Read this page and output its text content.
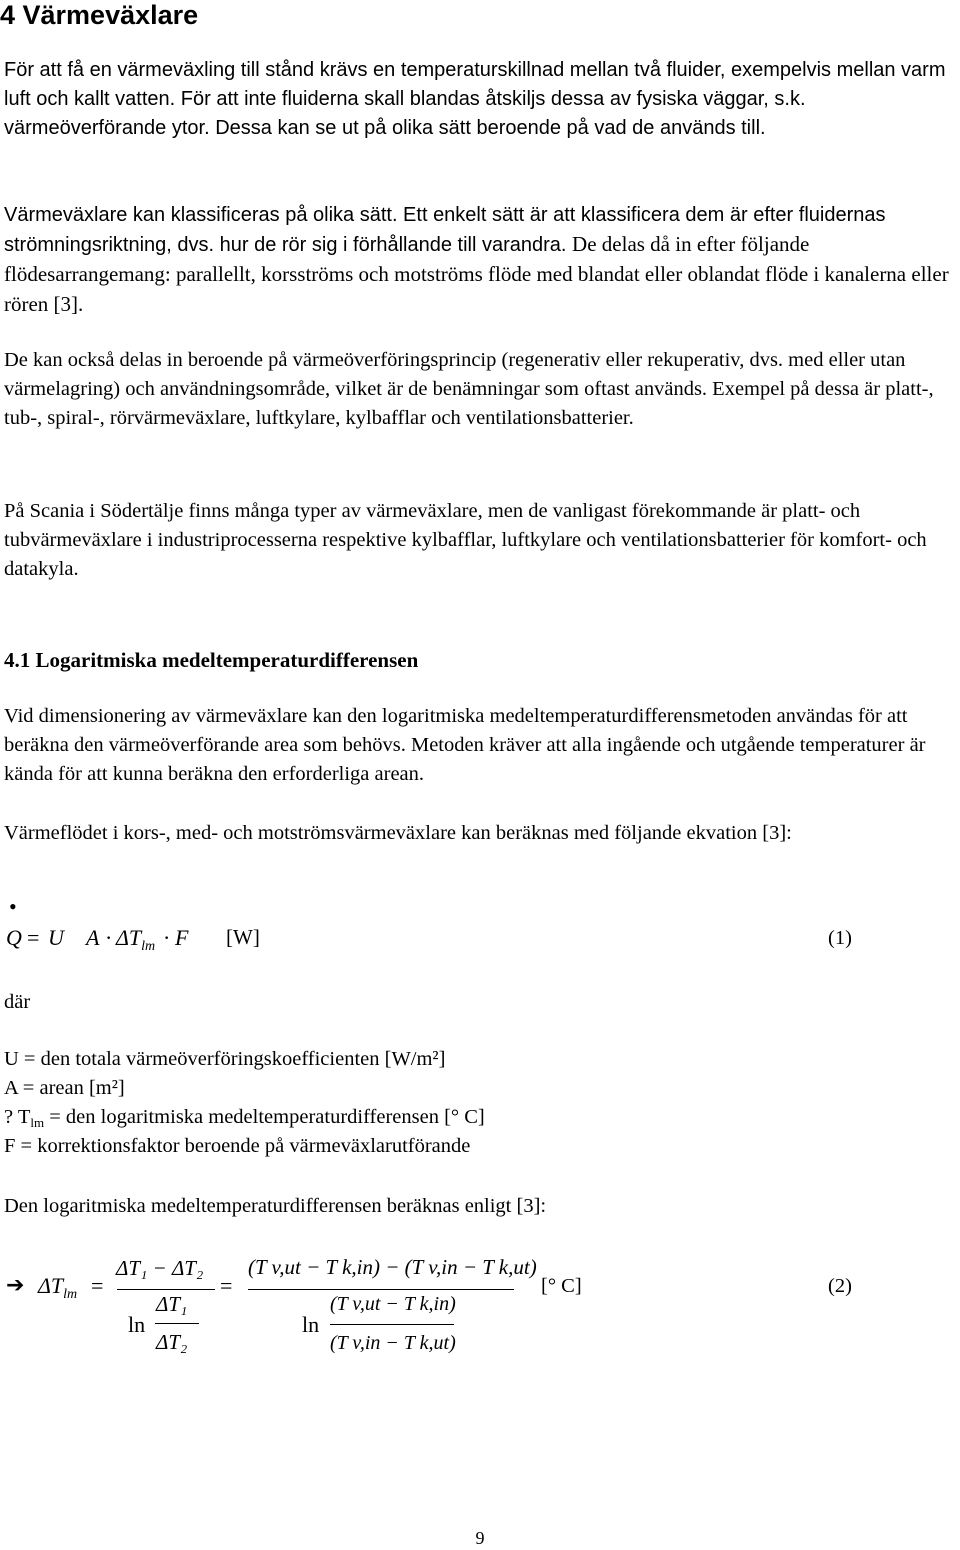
4 Värmeväxlare

För att få en värmeväxling till stånd krävs en temperaturskillnad mellan två fluider, exempelvis mellan varm luft och kallt vatten. För att inte fluiderna skall blandas åtskiljs dessa av fysiska väggar, s.k. värmeöverförande ytor. Dessa kan se ut på olika sätt beroende på vad de används till.

Värmeväxlare kan klassificeras på olika sätt. Ett enkelt sätt är att klassificera dem är efter fluidernas strömningsriktning, dvs. hur de rör sig i förhållande till varandra. De delas då in efter följande flödesarrangemang: parallellt, korsströms och motströms flöde med blandat eller oblandat flöde i kanalerna eller rören [3].

De kan också delas in beroende på värmeöverföringsprincip (regenerativ eller rekuperativ, dvs. med eller utan värmelagring) och användningsområde, vilket är de benämningar som oftast används. Exempel på dessa är platt-, tub-, spiral-, rörvärmeväxlare, luftkylare, kylbafflar och ventilationsbatterier.

På Scania i Södertälje finns många typer av värmeväxlare, men de vanligast förekommande är platt- och tubvärmeväxlare i industriprocesserna respektive kylbafflar, luftkylare och ventilationsbatterier för komfort- och datakyla.

4.1 Logaritmiska medeltemperaturdifferensen

Vid dimensionering av värmeväxlare kan den logaritmiska medeltemperaturdifferensmetoden användas för att beräkna den värmeöverförande area som behövs. Metoden kräver att alla ingående och utgående temperaturer är kända för att kunna beräkna den erforderliga arean.

Värmeflödet i kors-, med- och motströmsvärmeväxlare kan beräknas med följande ekvation [3]:

•
Q = U $A \cdot \Delta T_{lm} \cdot F$ [W]	(1)
där
U = den totala värmeöverföringskoefficienten [W/m²]
A = arean [m²]
? Tlm = den logaritmiska medeltemperaturdifferensen [° C]
F = korrektionsfaktor beroende på värmeväxlarutförande
Den logaritmiska medeltemperaturdifferensen beräknas enligt [3]:
➔ $\Delta T_{lm}$ =
ΔT₁ − ΔT₂
ln
ΔT₁
ΔT₂
=
(T v,ut − T k,in) − (T v,in − T k,ut)
ln
(T v,ut − T k,in)
(T v,in − T k,ut)
[° C]	(2)
9
